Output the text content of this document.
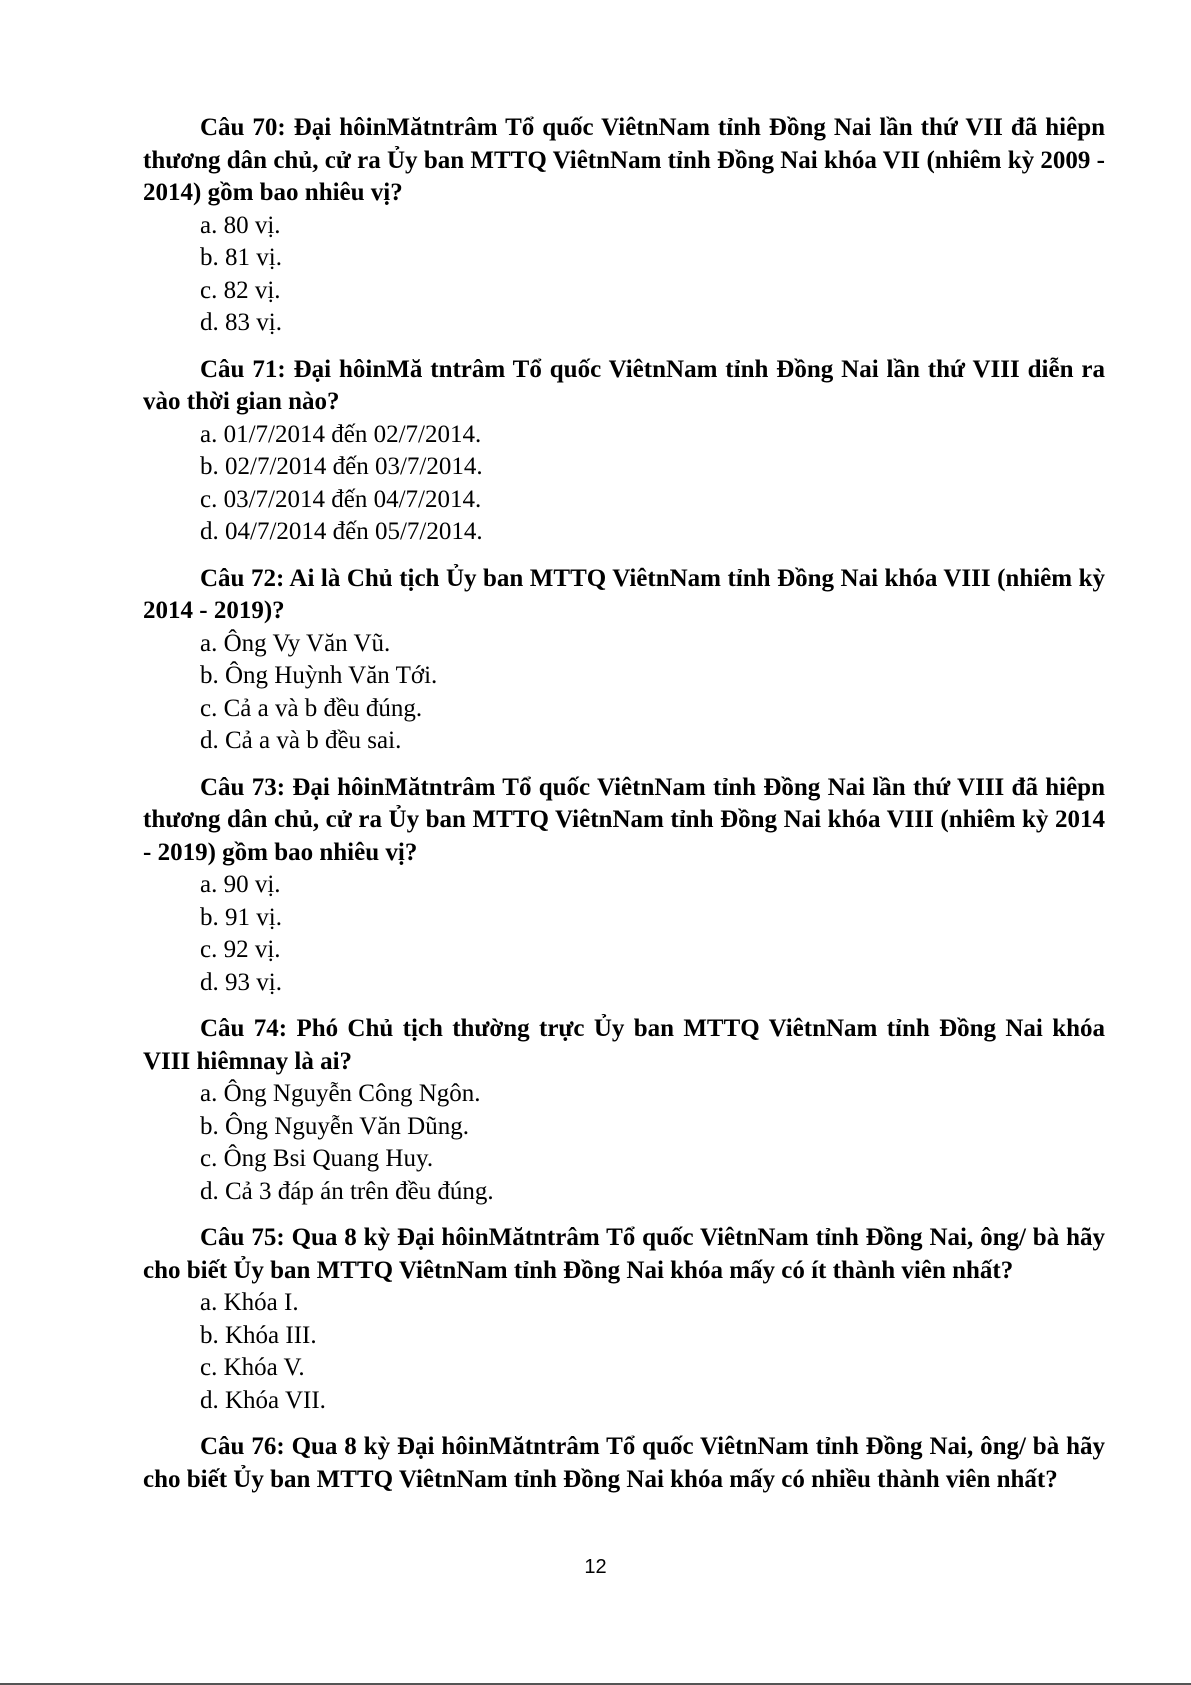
Câu 70: Đại hôinMătntrâm Tổ quốc ViêtnNam tỉnh Đồng Nai lần thứ VII đã hiêpn thương dân chủ, cử ra Ủy ban MTTQ ViêtnNam tỉnh Đồng Nai khóa VII (nhiêm kỳ 2009 - 2014) gồm bao nhiêu vị?

a. 80 vị.
b. 81 vị.
c. 82 vị.
d. 83 vị.

Câu 71: Đại hôinMă tntrâm Tổ quốc ViêtnNam tỉnh Đồng Nai lần thứ VIII diễn ra vào thời gian nào?

a. 01/7/2014 đến 02/7/2014.
b. 02/7/2014 đến 03/7/2014.
c. 03/7/2014 đến 04/7/2014.
d. 04/7/2014 đến 05/7/2014.

Câu 72: Ai là Chủ tịch Ủy ban MTTQ ViêtnNam tỉnh Đồng Nai khóa VIII (nhiêm kỳ 2014 - 2019)?

a. Ông Vy Văn Vũ.
b. Ông Huỳnh Văn Tới.
c. Cả a và b đều đúng.
d. Cả a và b đều sai.

Câu 73: Đại hôinMătntrâm Tổ quốc ViêtnNam tỉnh Đồng Nai lần thứ VIII đã hiêpn thương dân chủ, cử ra Ủy ban MTTQ ViêtnNam tỉnh Đồng Nai khóa VIII (nhiêm kỳ 2014 - 2019) gồm bao nhiêu vị?

a. 90 vị.
b. 91 vị.
c. 92 vị.
d. 93 vị.

Câu 74: Phó Chủ tịch thường trực Ủy ban MTTQ ViêtnNam tỉnh Đồng Nai khóa VIII hiêmnay là ai?

a. Ông Nguyễn Công Ngôn.
b. Ông Nguyễn Văn Dũng.
c. Ông Bsi Quang Huy.
d. Cả 3 đáp án trên đều đúng.

Câu 75: Qua 8 kỳ Đại hôinMătntrâm Tổ quốc ViêtnNam tỉnh Đồng Nai, ông/ bà hãy cho biết Ủy ban MTTQ ViêtnNam tỉnh Đồng Nai khóa mấy có ít thành viên nhất?

a. Khóa I.
b. Khóa III.
c. Khóa V.
d. Khóa VII.

Câu 76: Qua 8 kỳ Đại hôinMătntrâm Tổ quốc ViêtnNam tỉnh Đồng Nai, ông/ bà hãy cho biết Ủy ban MTTQ ViêtnNam tỉnh Đồng Nai khóa mấy có nhiều thành viên nhất?

12
